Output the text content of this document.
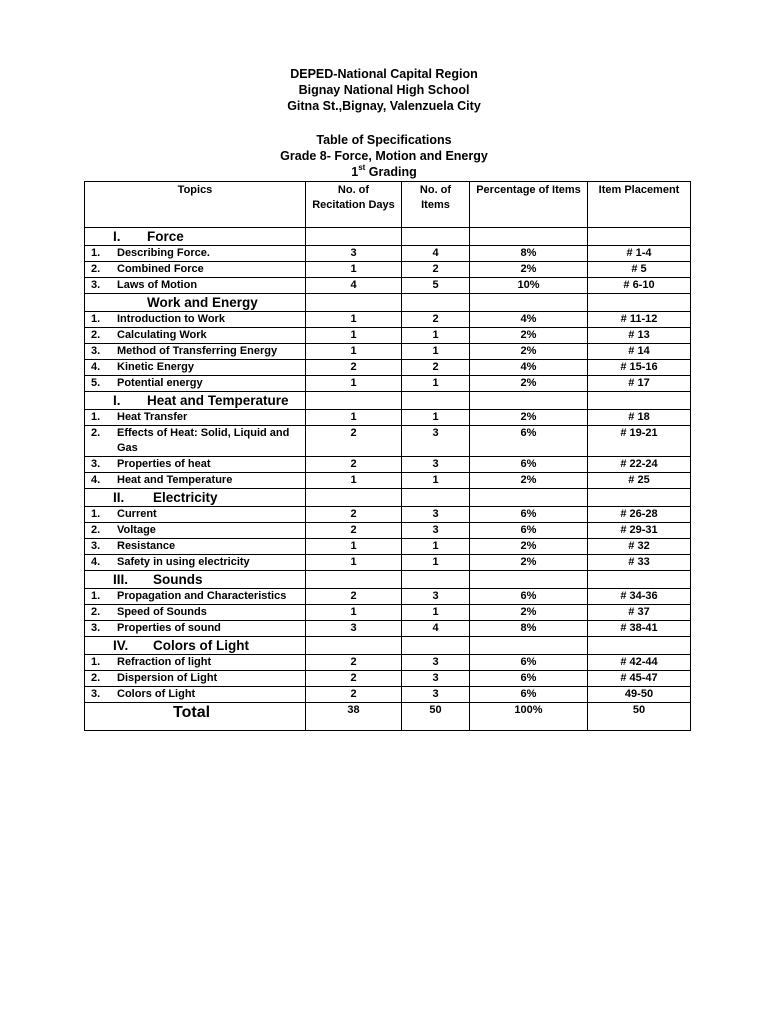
DEPED-National Capital Region
Bignay National High School
Gitna St.,Bignay, Valenzuela City
Table of Specifications
Grade 8- Force, Motion and Energy
1st Grading
Topics	No. of Recitation Days	No. of Items	Percentage of Items	Item Placement
I. Force				

1. Describing Force.	3	4	8%	# 1-4

2. Combined Force	1	2	2%	# 5

3. Laws of Motion	4	5	10%	# 6-10
Work and Energy				

1. Introduction to Work	1	2	4%	# 11-12

2. Calculating Work	1	1	2%	# 13

3. Method of Transferring Energy	1	1	2%	# 14

4. Kinetic Energy	2	2	4%	# 15-16

5. Potential energy	1	1	2%	# 17
I. Heat and Temperature				

1. Heat Transfer	1	1	2%	# 18

2. Effects of Heat: Solid, Liquid and Gas	2	3	6%	# 19-21

3. Properties of heat	2	3	6%	# 22-24

4. Heat and Temperature	1	1	2%	# 25
II. Electricity				

1. Current	2	3	6%	# 26-28

2. Voltage	2	3	6%	# 29-31

3. Resistance	1	1	2%	# 32

4. Safety in using electricity	1	1	2%	# 33
III. Sounds				

1. Propagation and Characteristics	2	3	6%	# 34-36

2. Speed of Sounds	1	1	2%	# 37

3. Properties of sound	3	4	8%	# 38-41
IV. Colors of Light				

1. Refraction of light	2	3	6%	# 42-44

2. Dispersion of Light	2	3	6%	# 45-47

3. Colors of Light	2	3	6%	49-50
Total	38	50	100%	50
